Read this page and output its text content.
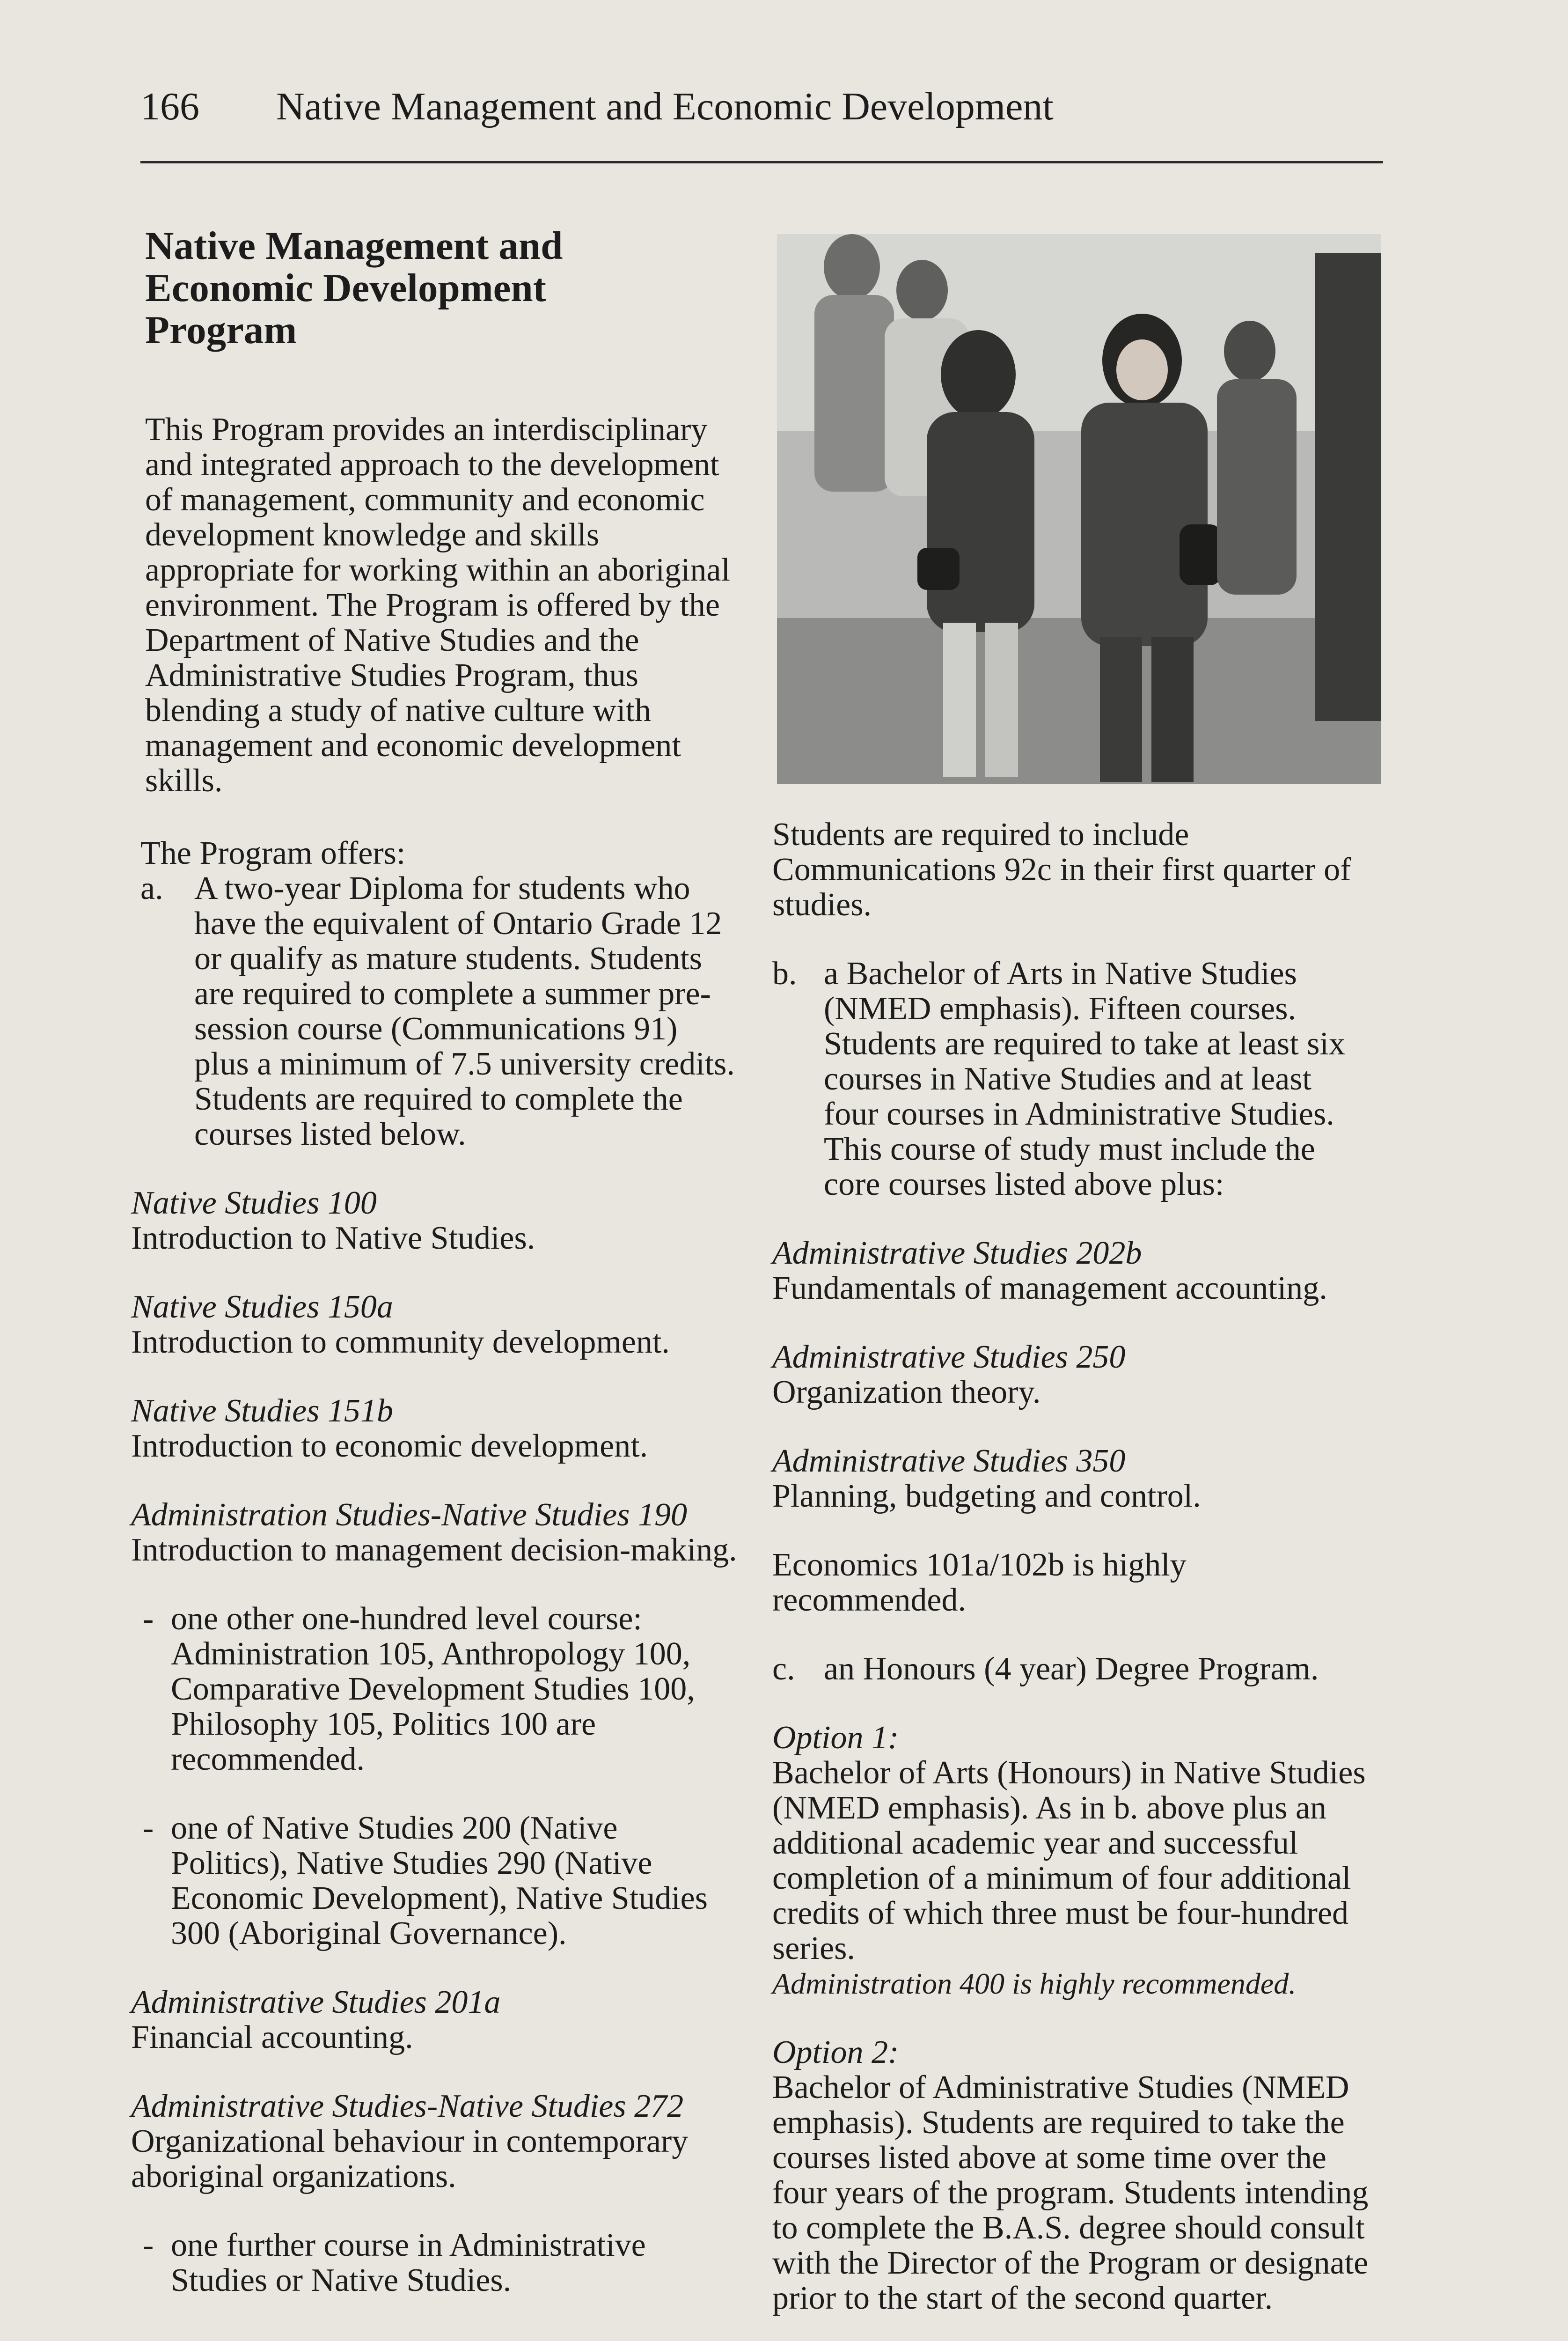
166 Native Management and Economic Development
Native Management and Economic Development Program

This Program provides an interdisciplinary and integrated approach to the development of management, community and economic development knowledge and skills appropriate for working within an aboriginal environment. The Program is offered by the Department of Native Studies and the Administrative Studies Program, thus blending a study of native culture with management and economic development skills.

The Program offers:

a. A two-year Diploma for students who have the equivalent of Ontario Grade 12 or qualify as mature students. Students are required to complete a summer pre-session course (Communications 91) plus a minimum of 7.5 university credits. Students are required to complete the courses listed below.
Native Studies 100
Introduction to Native Studies.
Native Studies 150a
Introduction to community development.
Native Studies 151b
Introduction to economic development.
Administration Studies-Native Studies 190
Introduction to management decision-making.
- one other one-hundred level course: Administration 105, Anthropology 100, Comparative Development Studies 100, Philosophy 105, Politics 100 are recommended.
- one of Native Studies 200 (Native Politics), Native Studies 290 (Native Economic Development), Native Studies 300 (Aboriginal Governance).
Administrative Studies 201a
Financial accounting.
Administrative Studies-Native Studies 272
Organizational behaviour in contemporary aboriginal organizations.
- one further course in Administrative Studies or Native Studies.

Students are required to include Communications 92c in their first quarter of studies.

b. a Bachelor of Arts in Native Studies (NMED emphasis). Fifteen courses. Students are required to take at least six courses in Native Studies and at least four courses in Administrative Studies. This course of study must include the core courses listed above plus:
Administrative Studies 202b
Fundamentals of management accounting.
Administrative Studies 250
Organization theory.
Administrative Studies 350
Planning, budgeting and control.

Economics 101a/102b is highly recommended.

c. an Honours (4 year) Degree Program.
Option 1:
Bachelor of Arts (Honours) in Native Studies (NMED emphasis). As in b. above plus an additional academic year and successful completion of a minimum of four additional credits of which three must be four-hundred series.
Administration 400 is highly recommended.
Option 2:
Bachelor of Administrative Studies (NMED emphasis). Students are required to take the courses listed above at some time over the four years of the program. Students intending to complete the B.A.S. degree should consult with the Director of the Program or designate prior to the start of the second quarter.
